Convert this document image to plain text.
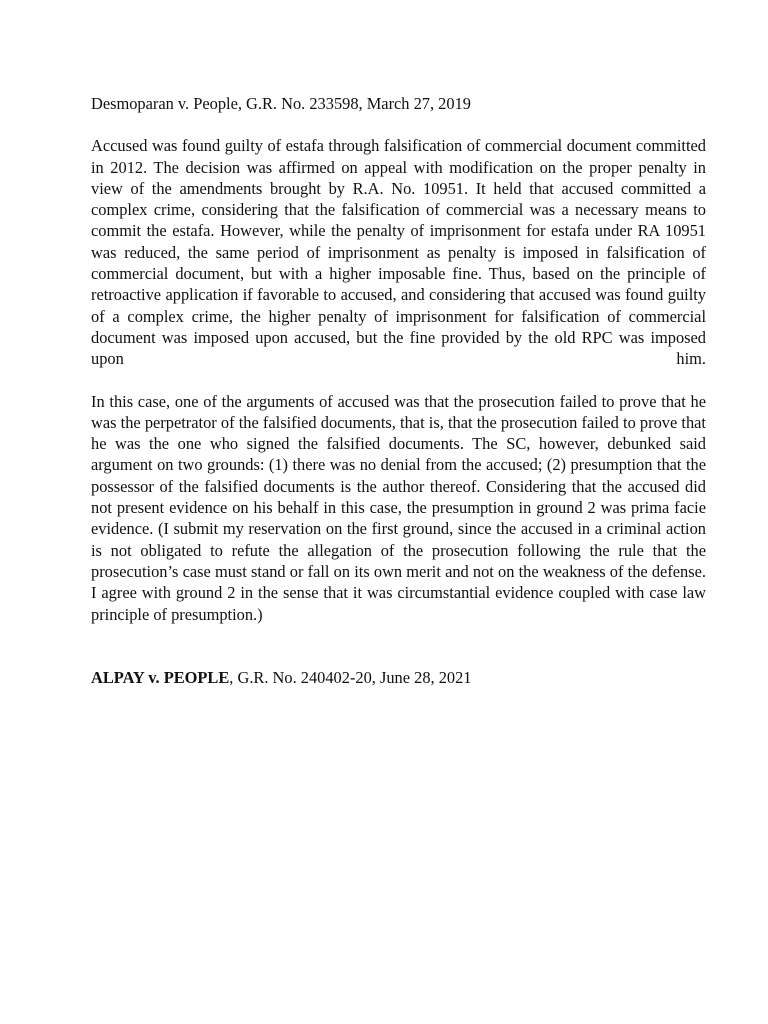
Desmoparan v. People, G.R. No. 233598, March 27, 2019

Accused was found guilty of estafa through falsification of commercial document committed in 2012. The decision was affirmed on appeal with modification on the proper penalty in view of the amendments brought by R.A. No. 10951. It held that accused committed a complex crime, considering that the falsification of commercial was a necessary means to commit the estafa. However, while the penalty of imprisonment for estafa under RA 10951 was reduced, the same period of imprisonment as penalty is imposed in falsification of commercial document, but with a higher imposable fine. Thus, based on the principle of retroactive application if favorable to accused, and considering that accused was found guilty of a complex crime, the higher penalty of imprisonment for falsification of commercial document was imposed upon accused, but the fine provided by the old RPC was imposed upon him.

In this case, one of the arguments of accused was that the prosecution failed to prove that he was the perpetrator of the falsified documents, that is, that the prosecution failed to prove that he was the one who signed the falsified documents. The SC, however, debunked said argument on two grounds: (1) there was no denial from the accused; (2) presumption that the possessor of the falsified documents is the author thereof. Considering that the accused did not present evidence on his behalf in this case, the presumption in ground 2 was prima facie evidence. (I submit my reservation on the first ground, since the accused in a criminal action is not obligated to refute the allegation of the prosecution following the rule that the prosecution’s case must stand or fall on its own merit and not on the weakness of the defense. I agree with ground 2 in the sense that it was circumstantial evidence coupled with case law principle of presumption.)

ALPAY v. PEOPLE, G.R. No. 240402-20, June 28, 2021
